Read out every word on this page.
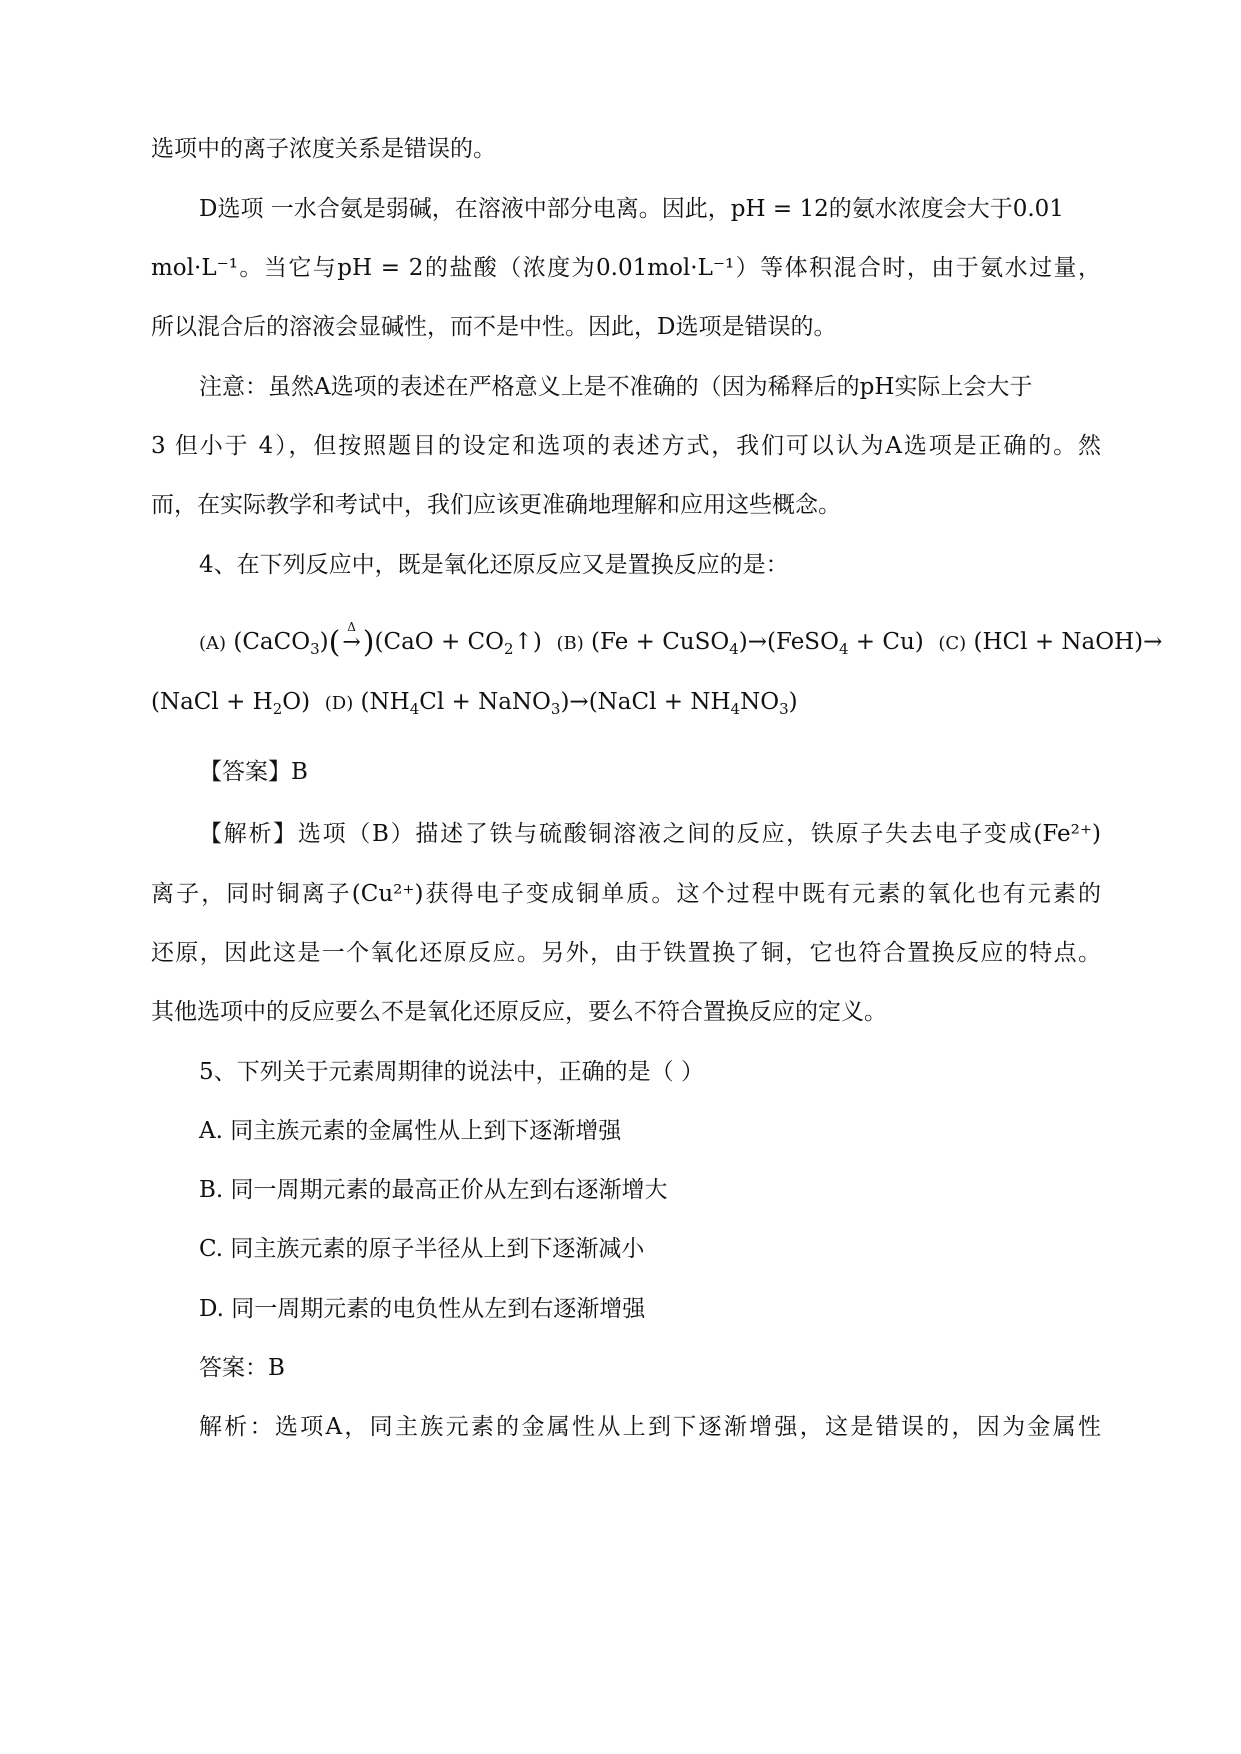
选项中的离子浓度关系是错误的。
D选项 一水合氨是弱碱，在溶液中部分电离。因此，pH = 12的氨水浓度会大于0.01
mol·L⁻¹。当它与pH = 2的盐酸（浓度为0.01mol·L⁻¹）等体积混合时，由于氨水过量，
所以混合后的溶液会显碱性，而不是中性。因此，D选项是错误的。
注意：虽然A选项的表述在严格意义上是不准确的（因为稀释后的pH实际上会大于
3 但小于 4），但按照题目的设定和选项的表述方式，我们可以认为A选项是正确的。然
而，在实际教学和考试中，我们应该更准确地理解和应用这些概念。
4、在下列反应中，既是氧化还原反应又是置换反应的是：
(A) (CaCO$_3$)( Δ
$\to)(CaO + CO_2↑)$ (B) (Fe + CuSO$_4$)→(FeSO$_4$ + Cu) (C) (HCl + NaOH)→
(NaCl + $H_2O$) (D) ($NH_4Cl$ + NaNO$_3$)→(NaCl + $NH_4NO_3$)
【答案】B
【解析】选项（B）描述了铁与硫酸铜溶液之间的反应，铁原子失去电子变成(Fe²⁺)
离子，同时铜离子(Cu²⁺)获得电子变成铜单质。这个过程中既有元素的氧化也有元素的
还原，因此这是一个氧化还原反应。另外，由于铁置换了铜，它也符合置换反应的特点。
其他选项中的反应要么不是氧化还原反应，要么不符合置换反应的定义。
5、下列关于元素周期律的说法中，正确的是（ ）
A. 同主族元素的金属性从上到下逐渐增强
B. 同一周期元素的最高正价从左到右逐渐增大
C. 同主族元素的原子半径从上到下逐渐减小
D. 同一周期元素的电负性从左到右逐渐增强
答案：B
解析：选项A，同主族元素的金属性从上到下逐渐增强，这是错误的，因为金属性
